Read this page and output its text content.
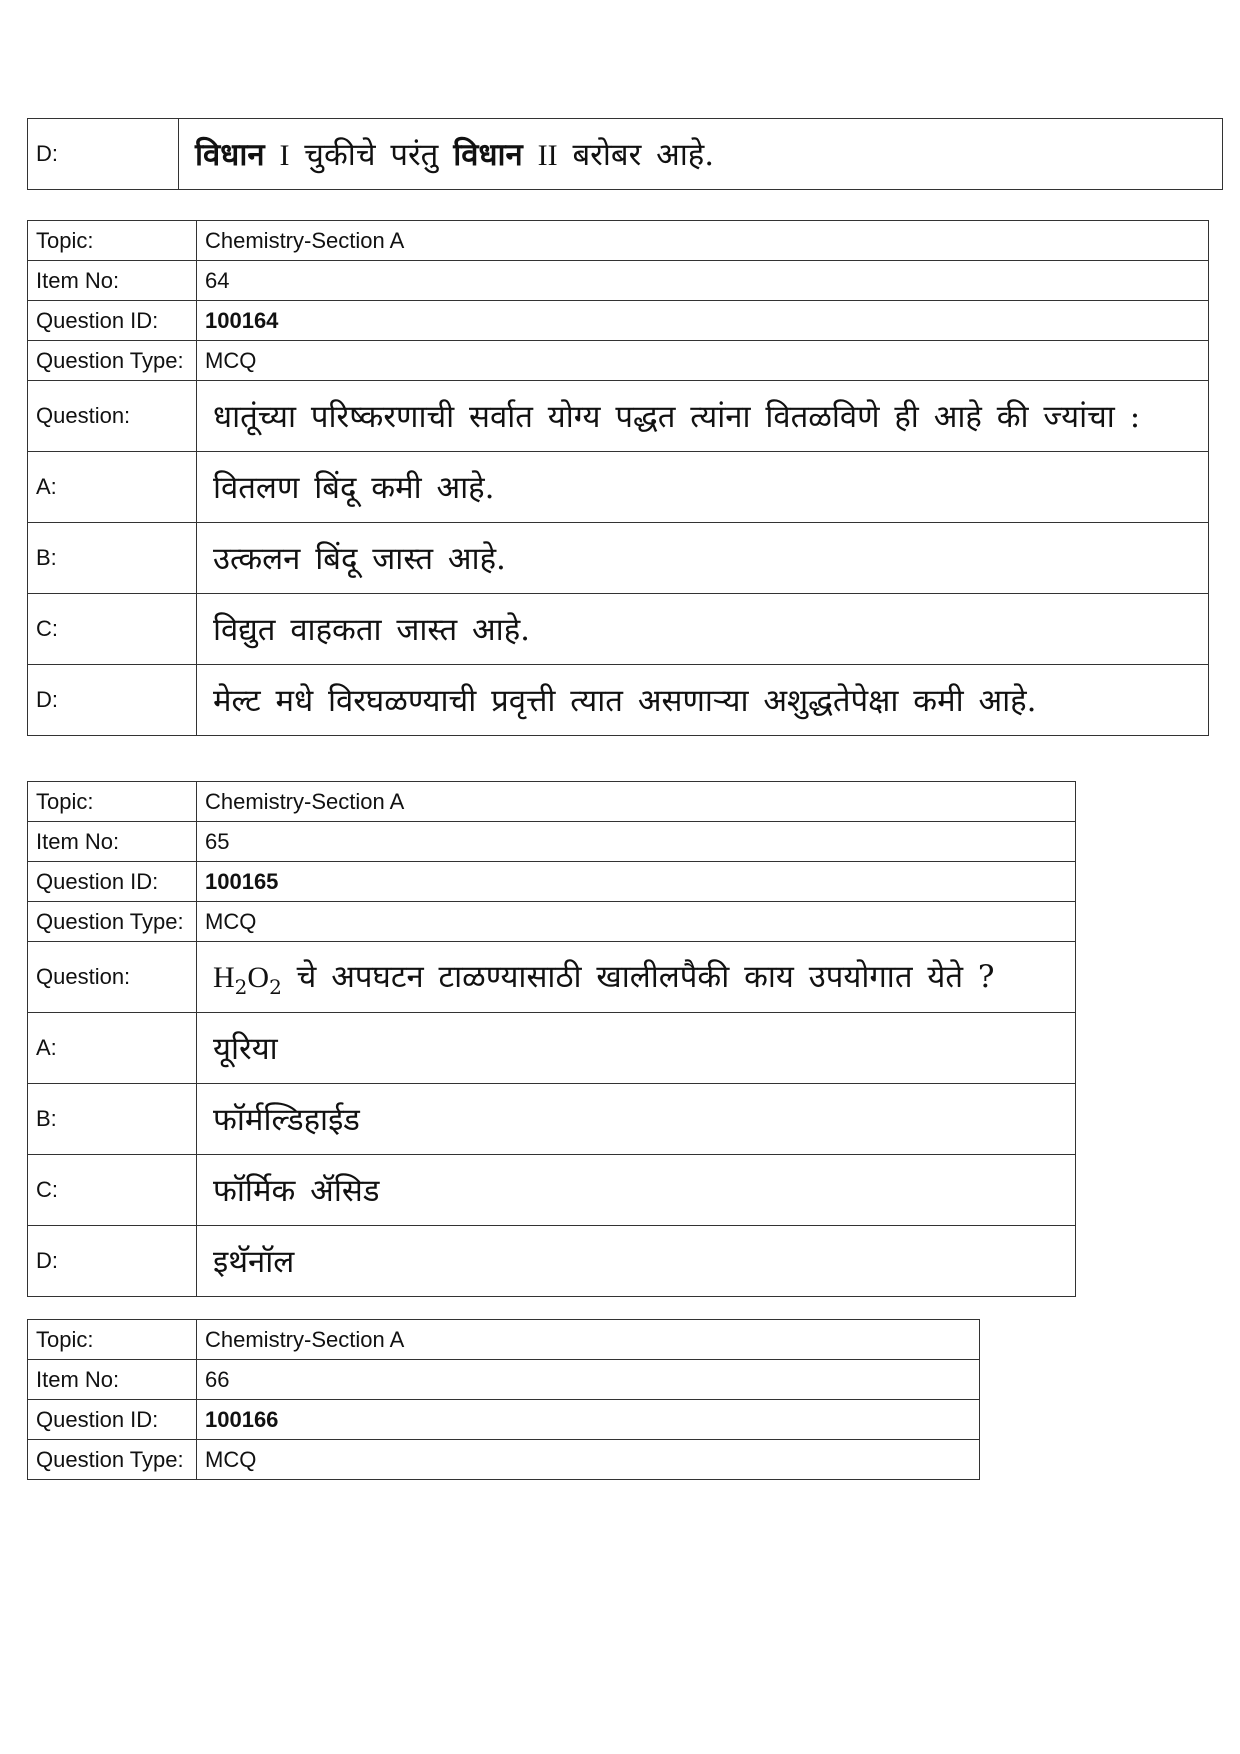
D:	विधान I चुकीचे परंतु विधान II बरोबर आहे.
Topic:	Chemistry-Section A
Item No:	64
Question ID:	100164
Question Type:	MCQ
Question:	धातूंच्या परिष्करणाची सर्वात योग्य पद्धत त्यांना वितळविणे ही आहे की ज्यांचा :
A:	वितलण बिंदू कमी आहे.
B:	उत्कलन बिंदू जास्त आहे.
C:	विद्युत वाहकता जास्त आहे.
D:	मेल्ट मधे विरघळण्याची प्रवृत्ती त्यात असणाऱ्या अशुद्धतेपेक्षा कमी आहे.
Topic:	Chemistry-Section A
Item No:	65
Question ID:	100165
Question Type:	MCQ
Question:	$H_2O_2$ चे अपघटन टाळण्यासाठी खालीलपैकी काय उपयोगात येते ?
A:	यूरिया
B:	फॉर्मल्डिहाईड
C:	फॉर्मिक ॲसिड
D:	इथॅनॉल
Topic:	Chemistry-Section A
Item No:	66
Question ID:	100166
Question Type:	MCQ
